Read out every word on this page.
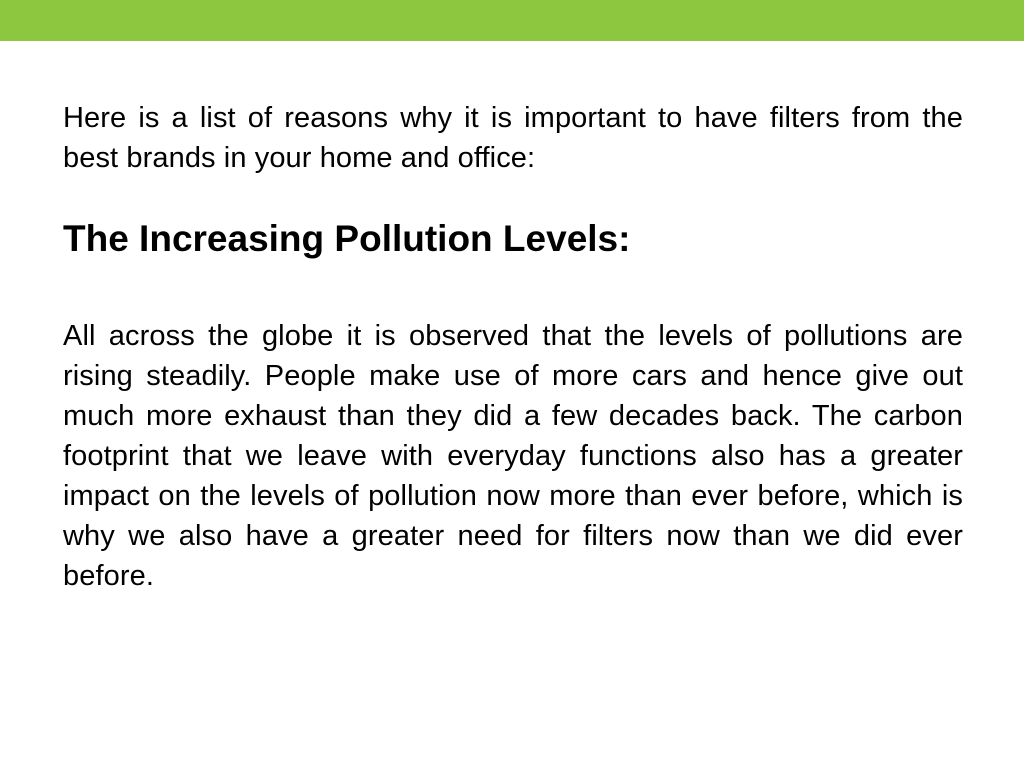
Here is a list of reasons why it is important to have filters from the best brands in your home and office:

The Increasing Pollution Levels:

All across the globe it is observed that the levels of pollutions are rising steadily. People make use of more cars and hence give out much more exhaust than they did a few decades back. The carbon footprint that we leave with everyday functions also has a greater impact on the levels of pollution now more than ever before, which is why we also have a greater need for filters now than we did ever before.
